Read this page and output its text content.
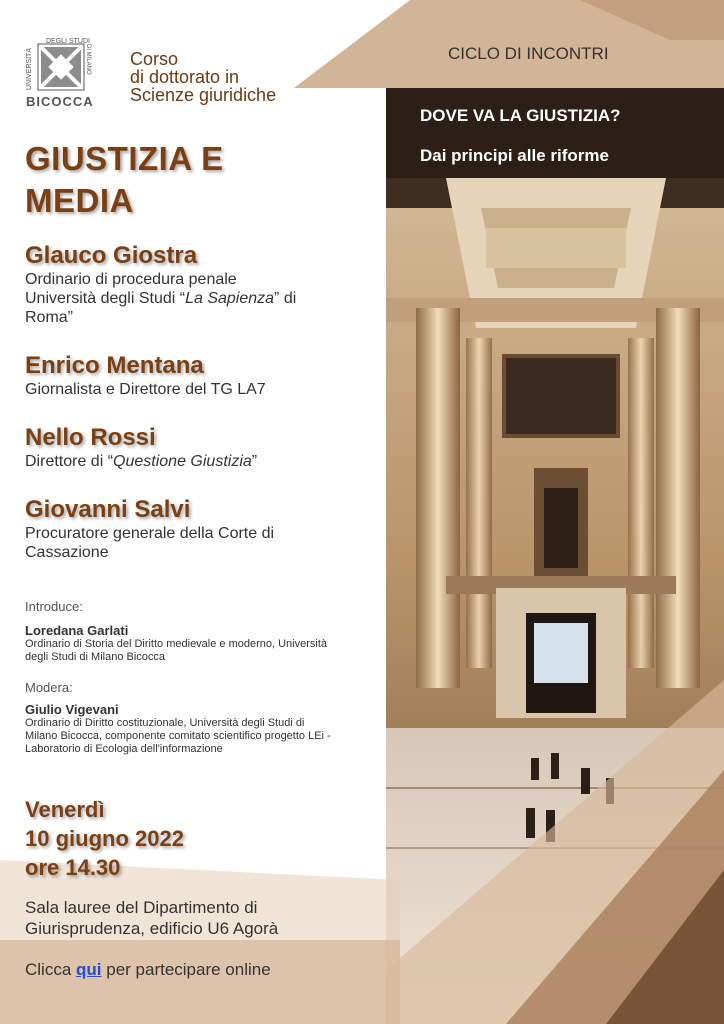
UNIVERSITÀ	DI MILANO
DEGLI STUDI
BICOCCA
Corso
di dottorato in
Scienze giuridiche
GIUSTIZIA E
MEDIA
Glauco Giostra
Ordinario di procedura penale
Università degli Studi “La Sapienza” di
Roma”
Enrico Mentana
Giornalista e Direttore del TG LA7
Nello Rossi
Direttore di “Questione Giustizia”
Giovanni Salvi
Procuratore generale della Corte di
Cassazione
Introduce:
Loredana Garlati
Ordinario di Storia del Diritto medievale e moderno, Università
degli Studi di Milano Bicocca
Modera:
Giulio Vigevani
Ordinario di Diritto costituzionale, Università degli Studi di
Milano Bicocca, componente comitato scientifico progetto LEi -
Laboratorio di Ecologia dell'informazione
Venerdì
10 giugno 2022
ore 14.30
Sala lauree del Dipartimento di
Giurisprudenza, edificio U6 Agorà
Clicca qui per partecipare online
CICLO DI INCONTRI
DOVE VA LA GIUSTIZIA?
Dai principi alle riforme
